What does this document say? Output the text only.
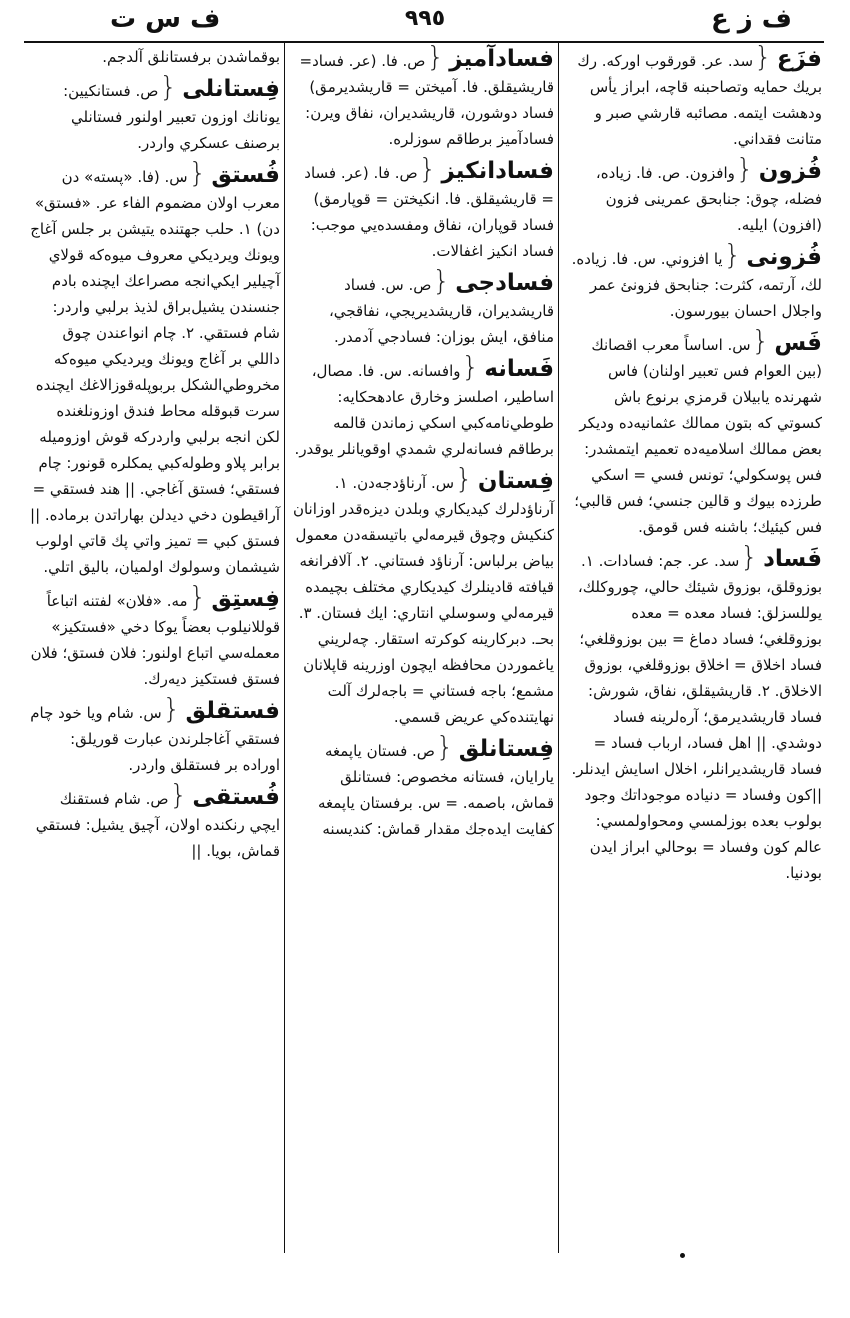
ف ز ع
٩٩٥
ف س ت
فزَع{سد. عر. قورقوب اورکه. رك بريك حمايه وتصاحبنه قاچه، ابراز يأس ودهشت ايتمه. مصائبه قارشي صبر و متانت فقداني.
فُزون{وافزون. ص. فا. زياده، فضله، چوق: جنابحق عمرينی فزون (افزون) ايليه.
فُزونی{يا افزوني. س. فا. زياده. لك، آرتمه، كثرت: جنابحق فزونئ عمر واجلال احسان بيورسون.
فَس{س. اساساً معرب اقصانك (بين العوام فس تعبير اولنان) فاس شهرنده يابيلان قرمزي برنوع باش كسوتي كه بتون ممالك عثمانيه‌ده وديكر بعض ممالك اسلاميه‌ده تعميم ايتمشدر: فس پوسكولي؛ تونس فسي = اسكي طرزده بيوك و قالين جنسي؛ فس قالبي؛ فس كيئيك؛ باشنه فس قومق.
فَساد{سد. عر. جم: فسادات. ١. بوزوقلق، بوزوق شيئك حالي، چوروكلك، يوللسزلق: فساد معده = معده بوزوقلغي؛ فساد دماغ = بين بوزوقلغي؛ فساد اخلاق = اخلاق بوزوقلغي، بوزوق الاخلاق. ٢. قاريشيقلق، نفاق، شورش: فساد قاريشديرمق؛ آره‌لرينه فساد دوشدي. || اهل فساد، ارباب فساد = فساد قاريشديرانلر، اخلال اسايش ايدنلر. ||كون وفساد = دنياده موجوداتك وجود بولوب بعده بوزلمسي ومحواولمسي: عالم كون وفساد = بوحالي ابراز ايدن بودنيا.
فسادآميز{ص. فا. (عر. فساد= قاريشيقلق. فا. آميختن = قاريشديرمق) فساد دوشورن، قاريشديران، نفاق ويرن: فسادآميز برطاقم سوزلره.
فسادانكيز{ص. فا. (عر. فساد = قاريشيقلق. فا. انكيختن = قوپارمق) فساد قوپاران، نفاق ومفسده‌يي موجب: فساد انكيز اغفالات.
فسادجی{ص. س. فساد قاريشديران، قاريشديريجي، نفاقجي، منافق، ايش بوزان: فسادجي آدمدر.
فَسانه{وافسانه. س. فا. مصال، اساطير، اصلسز وخارق عادهحكايه: طوطي‌نامه‌كبي اسكي زماندن قالمه برطاقم فسانه‌لري شمدي اوقويانلر يوقدر.
فِستان{س. آرناؤدجه‌دن. ١. آرناؤدلرك كيديكاري وبلدن ديزه‌قدر اوزانان كنكيش وچوق قيرمه‌لي باتيسقه‌دن معمول بياض برلباس: آرناؤد فستاني. ٢. آلافرانغه قيافته قادينلرك كيديكاري مختلف بچيمده قيرمه‌لي وسوسلي انتاري: ايك فستان. ٣. بحـ. دبركارينه كوكرته استقار. چه‌لريني ياغموردن محافظه ايچون اوزرينه قاپلانان مشمع؛ باجه فستاني = باجه‌لرك آلت نهايتنده‌كي عريض قسمي.
فِستانلق{ص. فستان ياپمغه يارايان، فستانه مخصوص: فستانلق قماش، باصمه. = س. برفستان ياپمغه كفايت ايده‌جك مقدار قماش: كنديسنه
بوقماشدن برفستانلق آلدجم.
فِستانلی{ص. فستانكيين: يونانك اوزون تعبير اولنور فستانلي برصنف عسكري واردر.
فُستق{س. (فا. «پسته» دن معرب اولان مضموم الفاء عر. «فستق» دن) ١. حلب جهتنده يتيشن بر جلس آغاج ويونك ويرديكي معروف ميوه‌كه قولاي آچيلير ايكي‌انجه مصراعك ايچنده بادم جنسندن يشيل‌براق لذيذ برلبي واردر: شام فستقي. ٢. چام انواعندن چوق داللي بر آغاج ويونك ويرديكي ميوه‌كه مخروطي‌الشكل بربوپله‌قوزالاغك ايچنده سرت قبوقله محاط فندق اوزونلغنده لكن انجه برلبي واردركه قوش اوزوميله برابر پلاو وطوله‌كبي يمكلره قونور: چام فستقي؛ فستق آغاجي. || هند فستقي = آراقيطون دخي ديدلن بهاراتدن برماده. ||فستق كبي = تميز واتي پك قاتي اولوب شيشمان وسولوك اولميان، باليق اتلي.
فِستِق{مه. «فلان» لفتنه اتباعاً قوللانيلوب بعضاً يوكا دخي «فستكيز» معمله‌سي اتباع اولنور: فلان فستق؛ فلان فستق فستكيز ديه‌رك.
فستقلق{س. شام ويا خود چام فستقي آغاجلرندن عبارت قوريلق: اوراده بر فستقلق واردر.
فُستقی{ص. شام فستقنك ايچي رنكنده اولان، آچيق يشيل: فستقي قماش، بويا. ||
